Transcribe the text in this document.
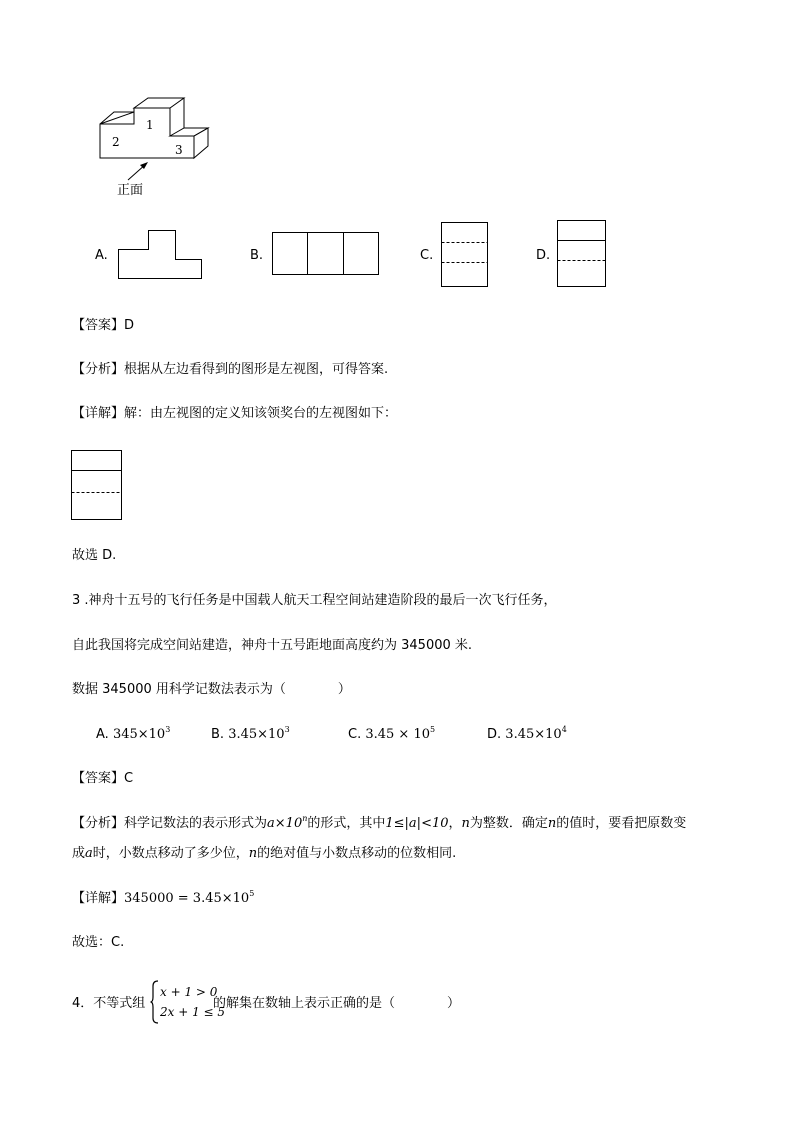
1
2
3
正面
A.	B.	C.	D.
【答案】D
【分析】根据从左边看得到的图形是左视图，可得答案.
【详解】解：由左视图的定义知该领奖台的左视图如下：
故选 D.
3 .神舟十五号的飞行任务是中国载人航天工程空间站建造阶段的最后一次飞行任务，
自此我国将完成空间站建造，神舟十五号距地面高度约为 345000 米.
数据 345000 用科学记数法表示为（　　　　）
A. $345\times 10^3$	B. $3.45\times 10^3$	C. $3.45 \times 10^5$	D. $3.45\times 10^4$
【答案】C
【分析】科学记数法的表示形式为$a\times 10^n$的形式，其中1≤|a|<10，n为整数．确定n的值时，要看把原数变
成a时，小数点移动了多少位，n的绝对值与小数点移动的位数相同.
【详解】$345000 = 3.45\times 10^5$
故选：C.
4．不等式组
x + 1 > 0
2x + 1 ≤ 5
的解集在数轴上表示正确的是（　　　　）
